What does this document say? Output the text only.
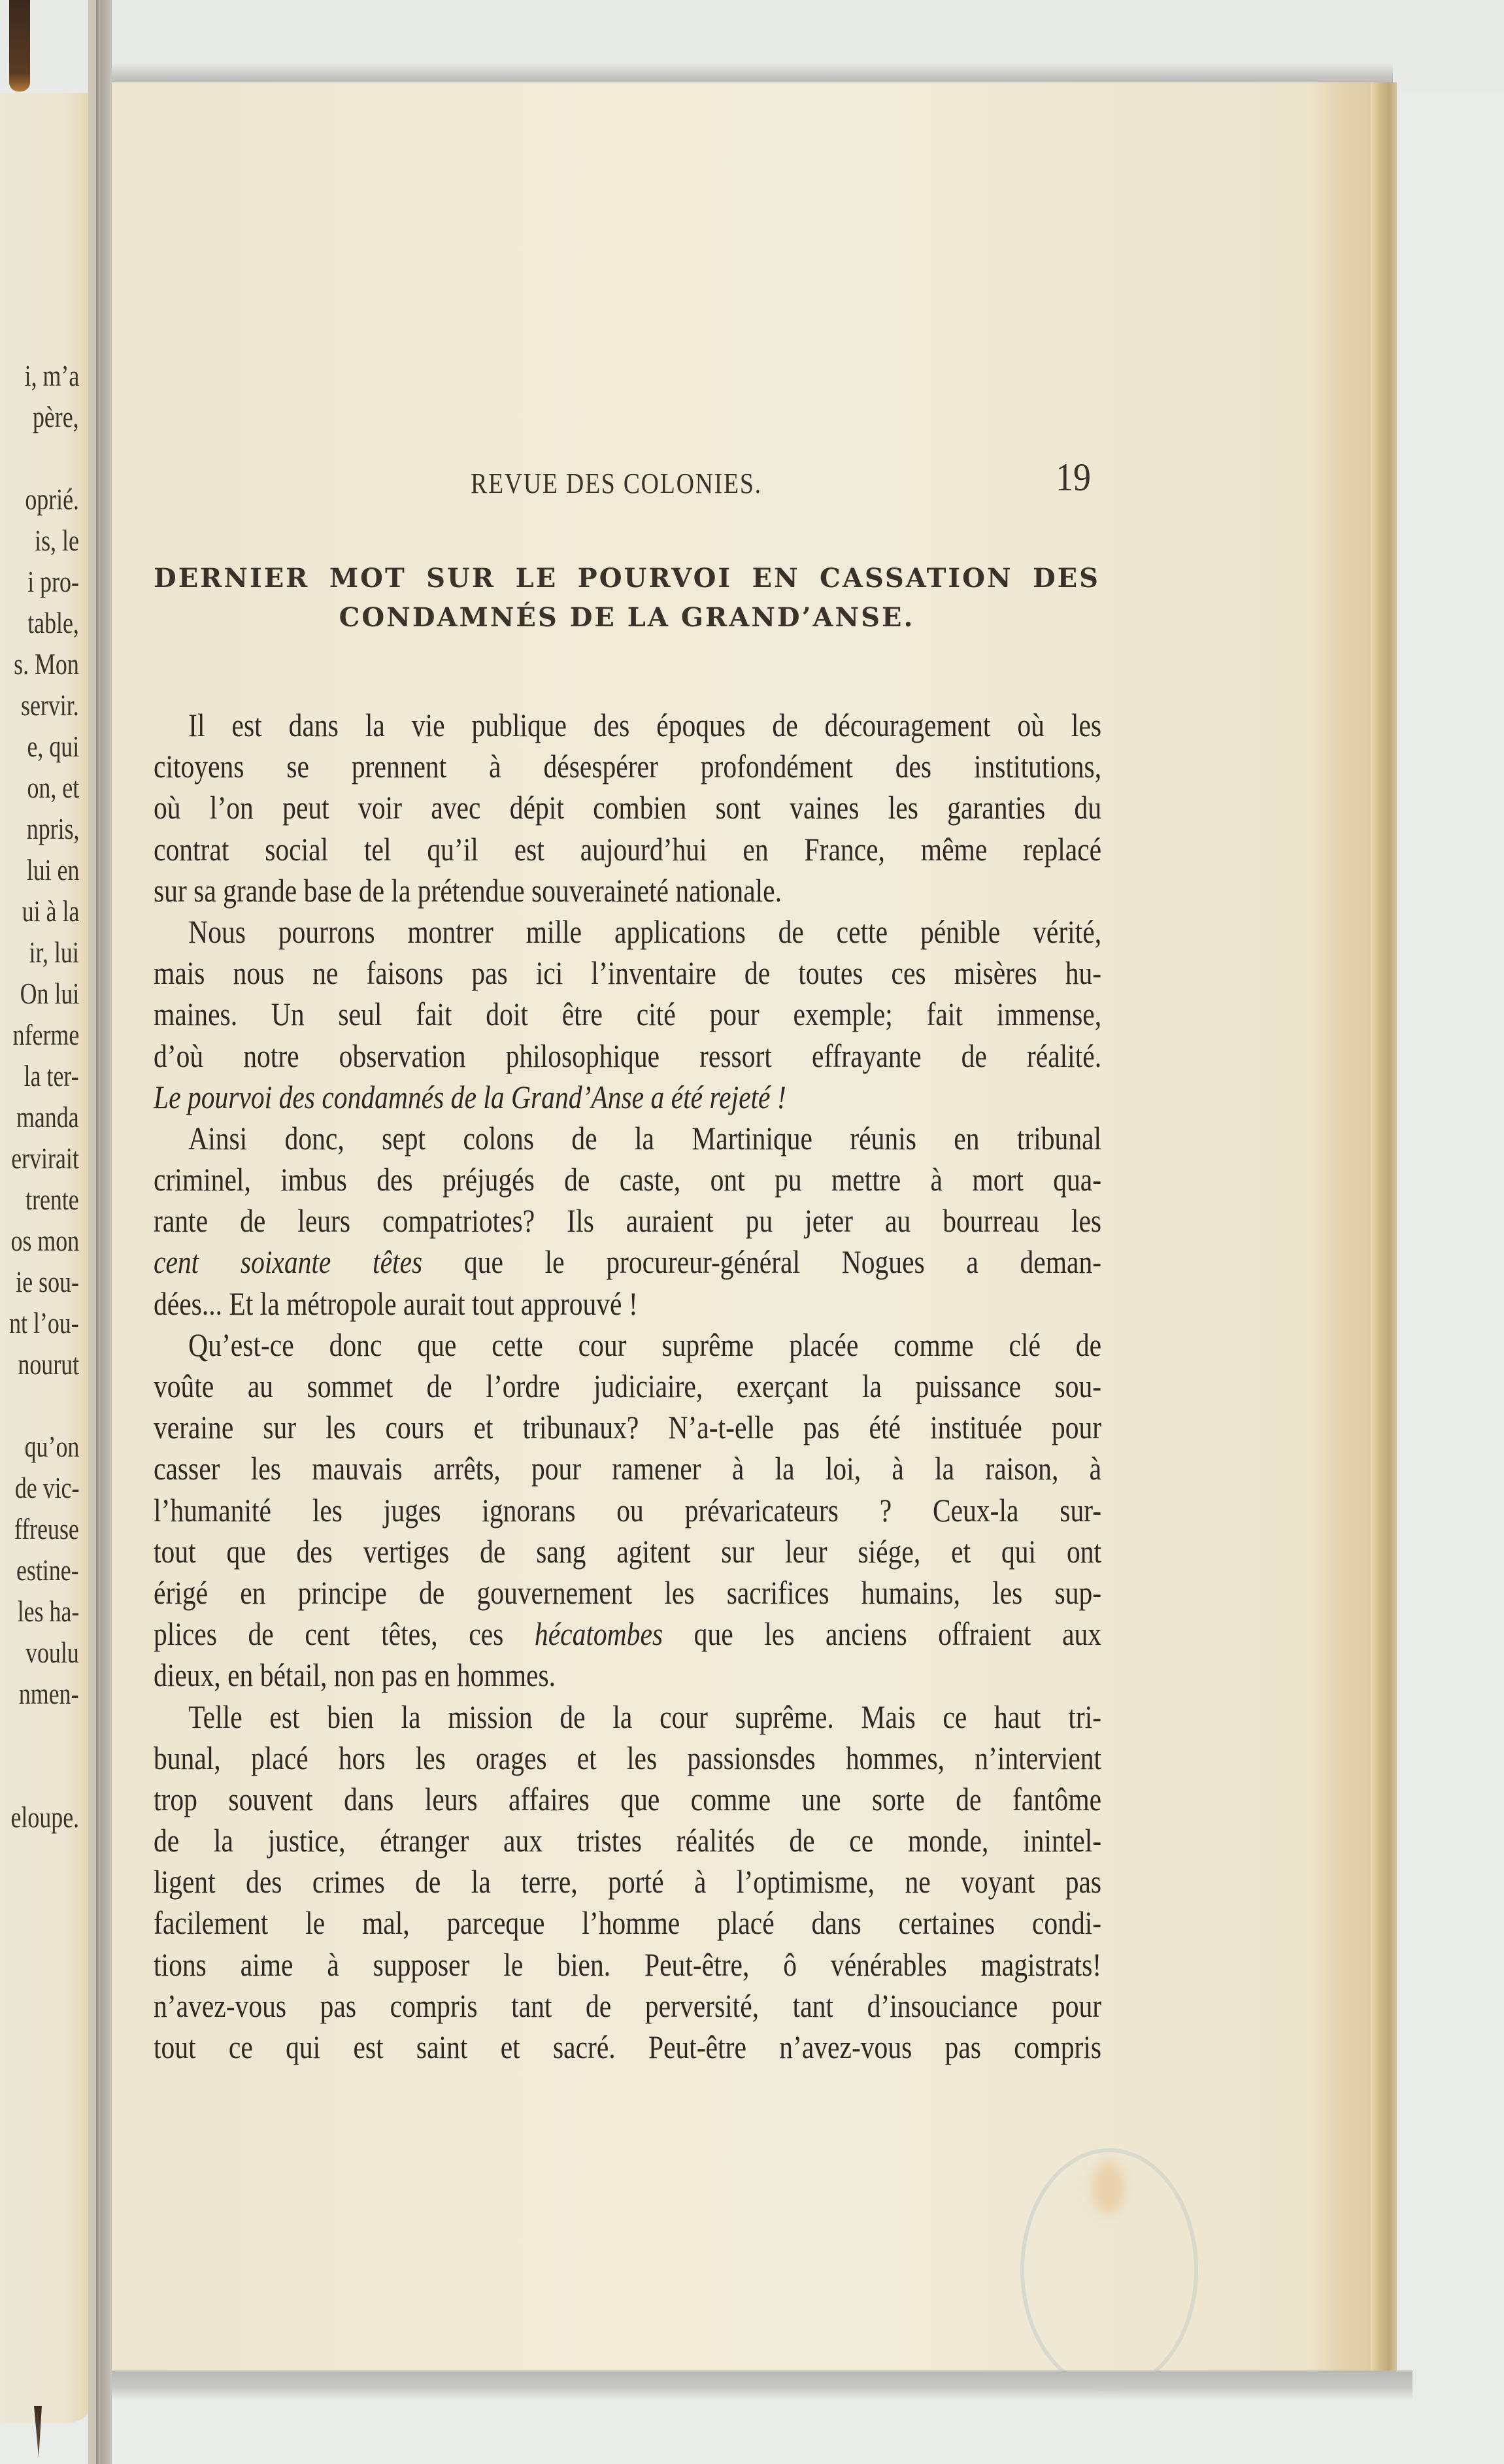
i, m’a
père,
oprié.
is, le
i pro-
table,
s. Mon
servir.
e, qui
on, et
npris,
lui en
ui à la
ir, lui
On lui
nferme
la ter-
manda
ervirait
trente
os mon
ie sou-
nt l’ou-
nourut
qu’on
de vic-
ffreuse
estine-
les ha-
voulu
nmen-
eloupe.
REVUE DES COLONIES.	19
DERNIER MOT SUR LE POURVOI EN CASSATION DES
CONDAMNÉS DE LA GRAND’ANSE.
Il est dans la vie publique des époques de découragement où les
citoyens se prennent à désespérer profondément des institutions,
où l’on peut voir avec dépit combien sont vaines les garanties du
contrat social tel qu’il est aujourd’hui en France, même replacé
sur sa grande base de la prétendue souveraineté nationale.
Nous pourrons montrer mille applications de cette pénible vérité,
mais nous ne faisons pas ici l’inventaire de toutes ces misères hu-
maines. Un seul fait doit être cité pour exemple; fait immense,
d’où notre observation philosophique ressort effrayante de réalité.
Le pourvoi des condamnés de la Grand’Anse a été rejeté !
Ainsi donc, sept colons de la Martinique réunis en tribunal
criminel, imbus des préjugés de caste, ont pu mettre à mort qua-
rante de leurs compatriotes? Ils auraient pu jeter au bourreau les
cent soixante têtes que le procureur-général Nogues a deman-
dées... Et la métropole aurait tout approuvé !
Qu’est-ce donc que cette cour suprême placée comme clé de
voûte au sommet de l’ordre judiciaire, exerçant la puissance sou-
veraine sur les cours et tribunaux? N’a-t-elle pas été instituée pour
casser les mauvais arrêts, pour ramener à la loi, à la raison, à
l’humanité les juges ignorans ou prévaricateurs ? Ceux-la sur-
tout que des vertiges de sang agitent sur leur siége, et qui ont
érigé en principe de gouvernement les sacrifices humains, les sup-
plices de cent têtes, ces hécatombes que les anciens offraient aux
dieux, en bétail, non pas en hommes.
Telle est bien la mission de la cour suprême. Mais ce haut tri-
bunal, placé hors les orages et les passionsdes hommes, n’intervient
trop souvent dans leurs affaires que comme une sorte de fantôme
de la justice, étranger aux tristes réalités de ce monde, inintel-
ligent des crimes de la terre, porté à l’optimisme, ne voyant pas
facilement le mal, parceque l’homme placé dans certaines condi-
tions aime à supposer le bien. Peut-être, ô vénérables magistrats!
n’avez-vous pas compris tant de perversité, tant d’insouciance pour
tout ce qui est saint et sacré. Peut-être n’avez-vous pas compris
